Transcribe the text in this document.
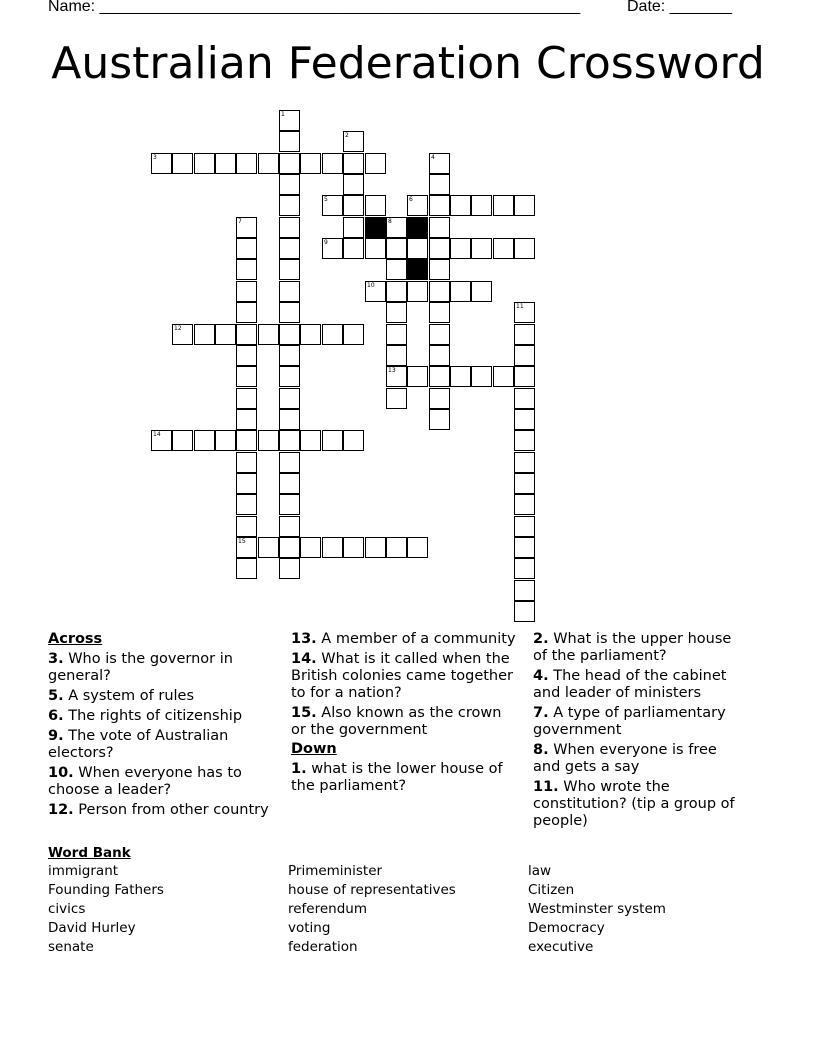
Name: ______________________________________________________	Date: _______
Australian Federation Crossword
1
2
3	4
5	6
7
15
8
13
9
10
11
12
14
Across
3. Who is the governor in general?
5. A system of rules
6. The rights of citizenship
9. The vote of Australian electors?
10. When everyone has to choose a leader?
12. Person from other country
13. A member of a community
14. What is it called when the British colonies came together to for a nation?
15. Also known as the crown or the government
Down
1. what is the lower house of the parliament?
2. What is the upper house of the parliament?
4. The head of the cabinet and leader of ministers
7. A type of parliamentary government
8. When everyone is free and gets a say
11. Who wrote the constitution? (tip a group of people)
Word Bank
immigrant
Founding Fathers
civics
David Hurley
senate
Primeminister
house of representatives
referendum
voting
federation
law
Citizen
Westminster system
Democracy
executive
